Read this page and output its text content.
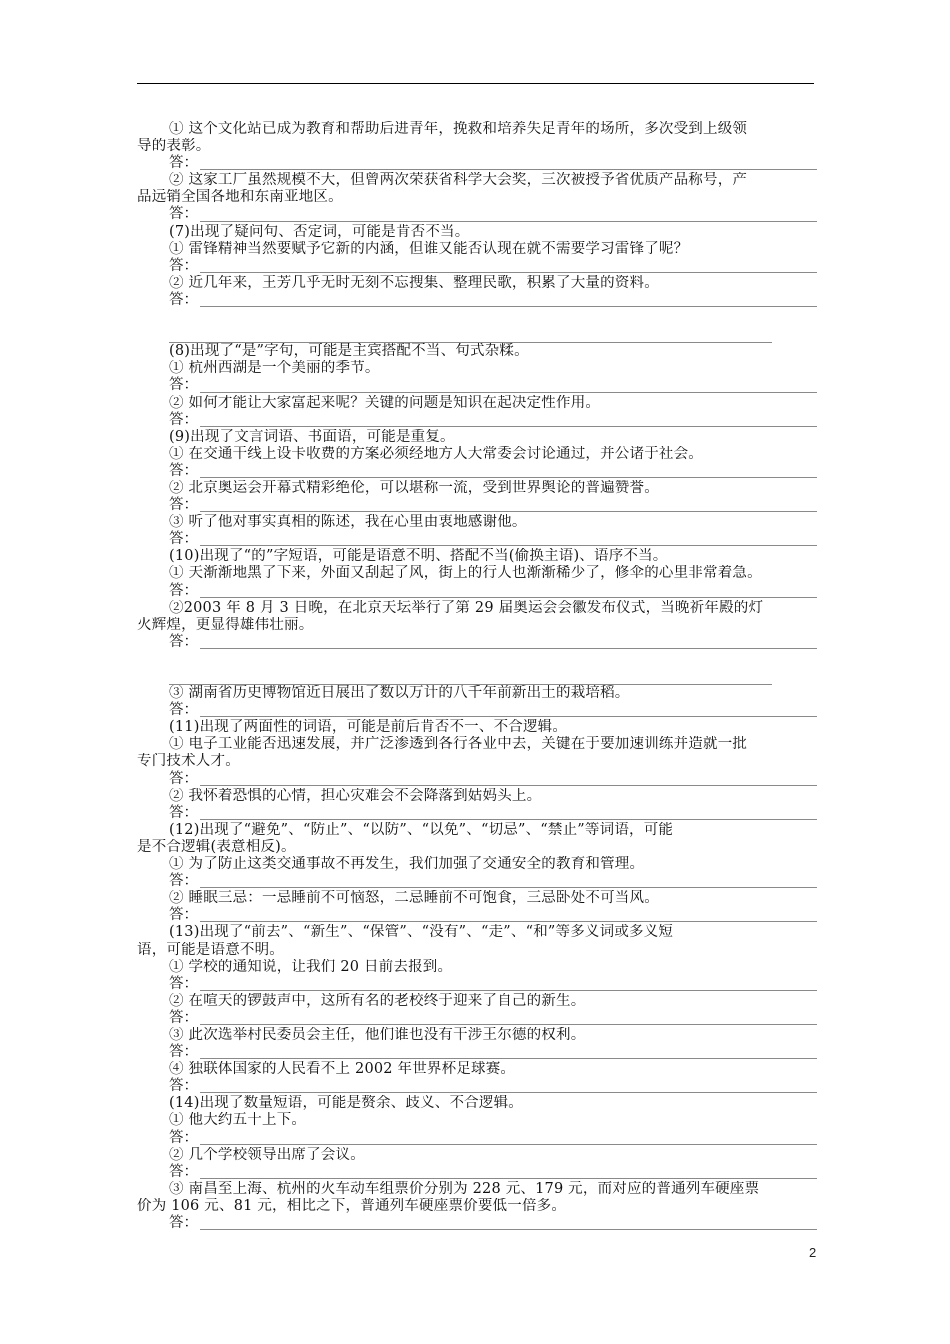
① 这个文化站已成为教育和帮助后进青年，挽救和培养失足青年的场所，多次受到上级领
导的表彰。
答：
② 这家工厂虽然规模不大，但曾两次荣获省科学大会奖，三次被授予省优质产品称号，产
品远销全国各地和东南亚地区。
答：
(7)出现了疑问句、否定词，可能是肯否不当。
① 雷锋精神当然要赋予它新的内涵，但谁又能否认现在就不需要学习雷锋了呢？
答：
② 近几年来，王芳几乎无时无刻不忘搜集、整理民歌，积累了大量的资料。
答：
(8)出现了“是”字句，可能是主宾搭配不当、句式杂糅。
① 杭州西湖是一个美丽的季节。
答：
② 如何才能让大家富起来呢？关键的问题是知识在起决定性作用。
答：
(9)出现了文言词语、书面语，可能是重复。
① 在交通干线上设卡收费的方案必须经地方人大常委会讨论通过，并公诸于社会。
答：
② 北京奥运会开幕式精彩绝伦，可以堪称一流，受到世界舆论的普遍赞誉。
答：
③ 听了他对事实真相的陈述，我在心里由衷地感谢他。
答：
(10)出现了“的”字短语，可能是语意不明、搭配不当(偷换主语)、语序不当。
① 天渐渐地黑了下来，外面又刮起了风，街上的行人也渐渐稀少了，修伞的心里非常着急。
答：
②2003 年 8 月 3 日晚，在北京天坛举行了第 29 届奥运会会徽发布仪式，当晚祈年殿的灯
火辉煌，更显得雄伟壮丽。
答：
③ 湖南省历史博物馆近日展出了数以万计的八千年前新出土的栽培稻。
答：
(11)出现了两面性的词语，可能是前后肯否不一、不合逻辑。
① 电子工业能否迅速发展，并广泛渗透到各行各业中去，关键在于要加速训练并造就一批
专门技术人才。
答：
② 我怀着恐惧的心情，担心灾难会不会降落到姑妈头上。
答：
(12)出现了“避免”、“防止”、“以防”、“以免”、“切忌”、“禁止”等词语，可能
是不合逻辑(表意相反)。
① 为了防止这类交通事故不再发生，我们加强了交通安全的教育和管理。
答：
② 睡眠三忌：一忌睡前不可恼怒，二忌睡前不可饱食，三忌卧处不可当风。
答：
(13)出现了“前去”、“新生”、“保管”、“没有”、“走”、“和”等多义词或多义短
语，可能是语意不明。
① 学校的通知说，让我们 20 日前去报到。
答：
② 在喧天的锣鼓声中，这所有名的老校终于迎来了自己的新生。
答：
③ 此次选举村民委员会主任，他们谁也没有干涉王尔德的权利。
答：
④ 独联体国家的人民看不上 2002 年世界杯足球赛。
答：
(14)出现了数量短语，可能是赘余、歧义、不合逻辑。
① 他大约五十上下。
答：
② 几个学校领导出席了会议。
答：
③ 南昌至上海、杭州的火车动车组票价分别为 228 元、179 元，而对应的普通列车硬座票
价为 106 元、81 元，相比之下，普通列车硬座票价要低一倍多。
答：
2
